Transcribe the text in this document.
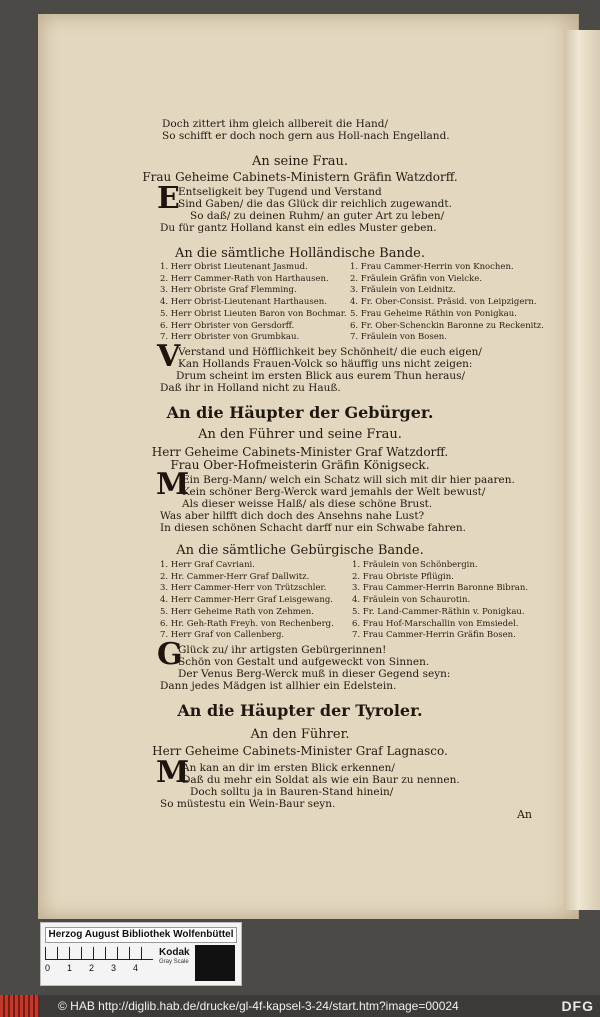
Doch zittert ihm gleich allbereit die Hand/
So schifft er doch noch gern aus Holl-nach Engelland.
An seine Frau.
Frau Geheime Cabinets-Ministern Gräfin Watzdorff.
E
Entseligkeit bey Tugend und Verstand
Sind Gaben/ die das Glück dir reichlich zugewandt.
So daß/ zu deinen Ruhm/ an guter Art zu leben/
Du für gantz Holland kanst ein edles Muster geben.
An die sämtliche Holländische Bande.
1. Herr Obrist Lieutenant Jasmud.
2. Herr Cammer-Rath von Harthausen.
3. Herr Obriste Graf Flemming.
4. Herr Obrist-Lieutenant Harthausen.
5. Herr Obrist Lieuten Baron von Bochmar.
6. Herr Obrister von Gersdorff.
7. Herr Obrister von Grumbkau.
1. Frau Cammer-Herrin von Knochen.
2. Fräulein Gräfin von Vielcke.
3. Fräulein von Leidnitz.
4. Fr. Ober-Consist. Präsid. von Leipzigern.
5. Frau Geheime Räthin von Ponigkau.
6. Fr. Ober-Schenckin Baronne zu Reckenitz.
7. Fräulein von Bosen.
V
Verstand und Höfflichkeit bey Schönheit/ die euch eigen/
Kan Hollands Frauen-Volck so häuffig uns nicht zeigen:
Drum scheint im ersten Blick aus eurem Thun heraus/
Daß ihr in Holland nicht zu Hauß.
An die Häupter der Gebürger.
An den Führer und seine Frau.
Herr Geheime Cabinets-Minister Graf Watzdorff.
Frau Ober-Hofmeisterin Gräfin Königseck.
M
Ein Berg-Mann/ welch ein Schatz will sich mit dir hier paaren.
Kein schöner Berg-Werck ward jemahls der Welt bewust/
Als dieser weisse Halß/ als diese schöne Brust.
Was aber hilfft dich doch des Ansehns nahe Lust?
In diesen schönen Schacht darff nur ein Schwabe fahren.
An die sämtliche Gebürgische Bande.
1. Herr Graf Cavriani.
2. Hr. Cammer-Herr Graf Dallwitz.
3. Herr Cammer-Herr von Trützschler.
4. Herr Cammer-Herr Graf Leisgewang.
5. Herr Geheime Rath von Zehmen.
6. Hr. Geh-Rath Freyh. von Rechenberg.
7. Herr Graf von Callenberg.
1. Fräulein von Schönbergin.
2. Frau Obriste Pflügin.
3. Frau Cammer-Herrin Baronne Bibran.
4. Fräulein von Schaurotin.
5. Fr. Land-Cammer-Räthin v. Ponigkau.
6. Frau Hof-Marschallin von Emsiedel.
7. Frau Cammer-Herrin Gräfin Bosen.
G
Glück zu/ ihr artigsten Gebürgerinnen!
Schön von Gestalt und aufgeweckt von Sinnen.
Der Venus Berg-Werck muß in dieser Gegend seyn:
Dann jedes Mädgen ist allhier ein Edelstein.
An die Häupter der Tyroler.
An den Führer.
Herr Geheime Cabinets-Minister Graf Lagnasco.
M
An kan an dir im ersten Blick erkennen/
Daß du mehr ein Soldat als wie ein Baur zu nennen.
Doch solltu ja in Bauren-Stand hinein/
So müstestu ein Wein-Baur seyn.
An
Herzog August Bibliothek Wolfenbüttel
0 1 2 3 4
Kodak
Gray Scale
© HAB http://diglib.hab.de/drucke/gl-4f-kapsel-3-24/start.htm?image=00024	DFG
